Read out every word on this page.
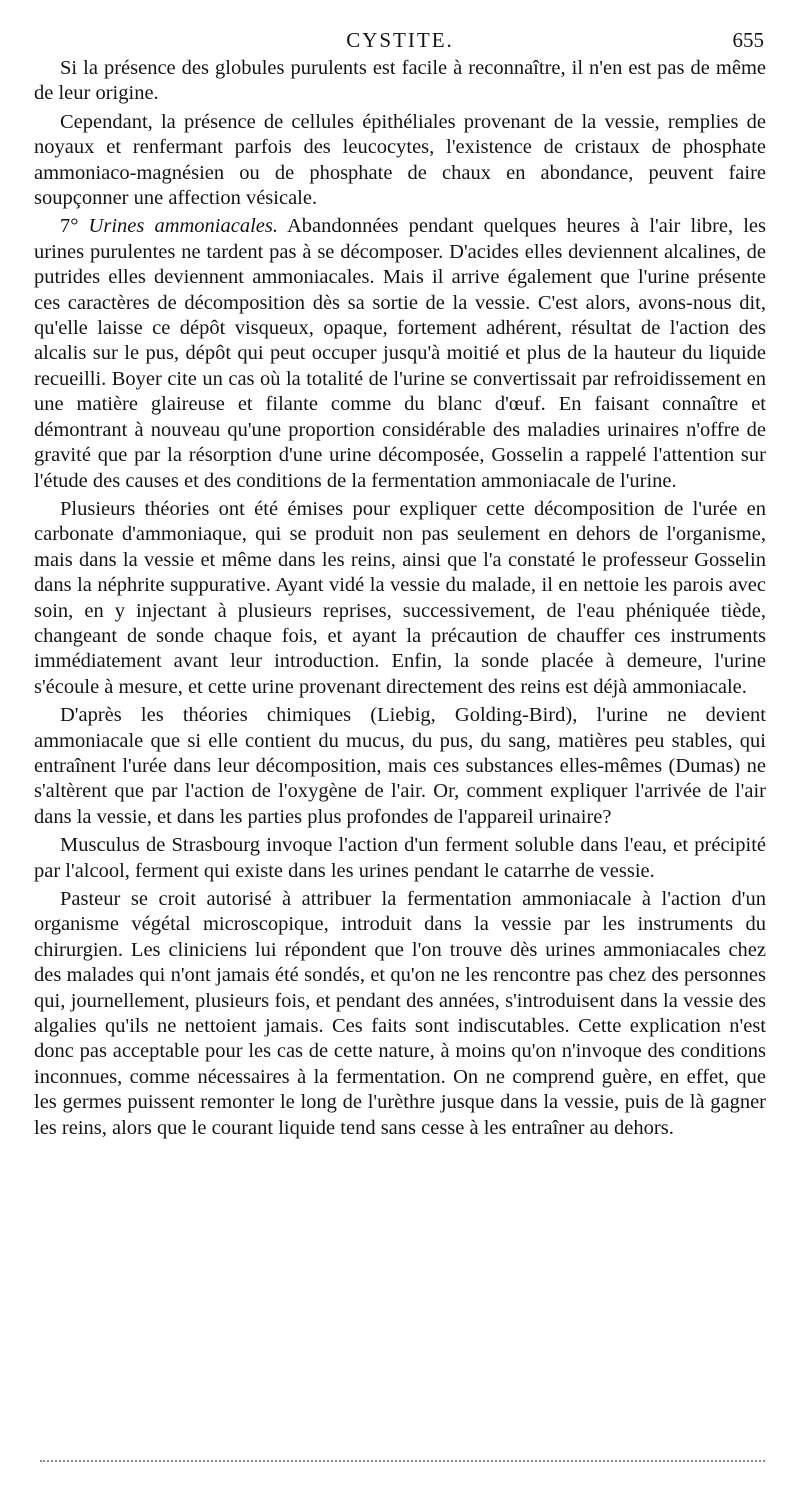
CYSTITE.	655

Si la présence des globules purulents est facile à reconnaître, il n'en est pas de même de leur origine.

Cependant, la présence de cellules épithéliales provenant de la vessie, remplies de noyaux et renfermant parfois des leucocytes, l'existence de cristaux de phosphate ammoniaco-magnésien ou de phosphate de chaux en abondance, peuvent faire soupçonner une affection vésicale.

7° Urines ammoniacales. Abandonnées pendant quelques heures à l'air libre, les urines purulentes ne tardent pas à se décomposer. D'acides elles deviennent alcalines, de putrides elles deviennent ammoniacales. Mais il arrive également que l'urine présente ces caractères de décomposition dès sa sortie de la vessie. C'est alors, avons-nous dit, qu'elle laisse ce dépôt visqueux, opaque, fortement adhérent, résultat de l'action des alcalis sur le pus, dépôt qui peut occuper jusqu'à moitié et plus de la hauteur du liquide recueilli. Boyer cite un cas où la totalité de l'urine se convertissait par refroidissement en une matière glaireuse et filante comme du blanc d'œuf. En faisant connaître et démontrant à nouveau qu'une proportion considérable des maladies urinaires n'offre de gravité que par la résorption d'une urine décomposée, Gosselin a rappelé l'attention sur l'étude des causes et des conditions de la fermentation ammoniacale de l'urine.

Plusieurs théories ont été émises pour expliquer cette décomposition de l'urée en carbonate d'ammoniaque, qui se produit non pas seulement en dehors de l'organisme, mais dans la vessie et même dans les reins, ainsi que l'a constaté le professeur Gosselin dans la néphrite suppurative. Ayant vidé la vessie du malade, il en nettoie les parois avec soin, en y injectant à plusieurs reprises, successivement, de l'eau phéniquée tiède, changeant de sonde chaque fois, et ayant la précaution de chauffer ces instruments immédiatement avant leur introduction. Enfin, la sonde placée à demeure, l'urine s'écoule à mesure, et cette urine provenant directement des reins est déjà ammoniacale.

D'après les théories chimiques (Liebig, Golding-Bird), l'urine ne devient ammoniacale que si elle contient du mucus, du pus, du sang, matières peu stables, qui entraînent l'urée dans leur décomposition, mais ces substances elles-mêmes (Dumas) ne s'altèrent que par l'action de l'oxygène de l'air. Or, comment expliquer l'arrivée de l'air dans la vessie, et dans les parties plus profondes de l'appareil urinaire?

Musculus de Strasbourg invoque l'action d'un ferment soluble dans l'eau, et précipité par l'alcool, ferment qui existe dans les urines pendant le catarrhe de vessie.

Pasteur se croit autorisé à attribuer la fermentation ammoniacale à l'action d'un organisme végétal microscopique, introduit dans la vessie par les instruments du chirurgien. Les cliniciens lui répondent que l'on trouve dès urines ammoniacales chez des malades qui n'ont jamais été sondés, et qu'on ne les rencontre pas chez des personnes qui, journellement, plusieurs fois, et pendant des années, s'introduisent dans la vessie des algalies qu'ils ne nettoient jamais. Ces faits sont indiscutables. Cette explication n'est donc pas acceptable pour les cas de cette nature, à moins qu'on n'invoque des conditions inconnues, comme nécessaires à la fermentation. On ne comprend guère, en effet, que les germes puissent remonter le long de l'urèthre jusque dans la vessie, puis de là gagner les reins, alors que le courant liquide tend sans cesse à les entraîner au dehors.
